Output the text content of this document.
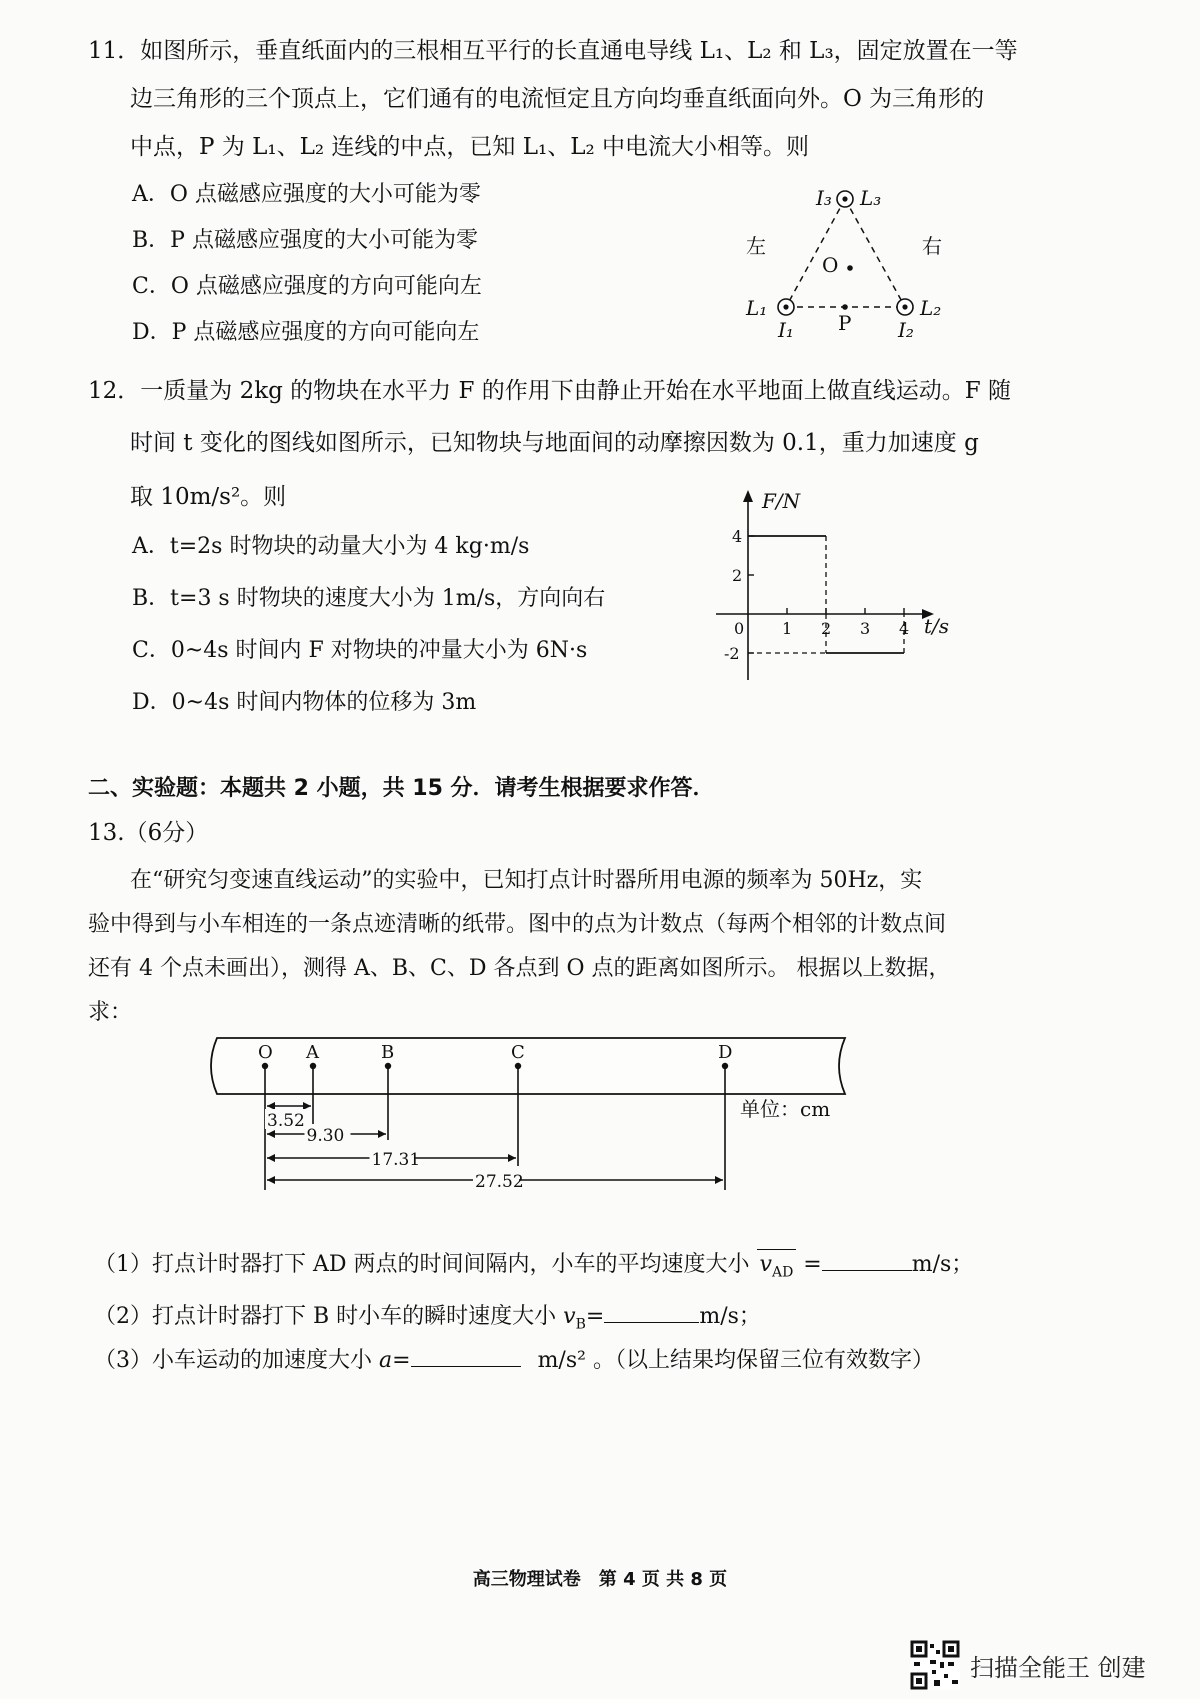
11．如图所示，垂直纸面内的三根相互平行的长直通电导线 L₁、L₂ 和 L₃，固定放置在一等
边三角形的三个顶点上，它们通有的电流恒定且方向均垂直纸面向外。O 为三角形的
中点，P 为 L₁、L₂ 连线的中点，已知 L₁、L₂ 中电流大小相等。则
A．O 点磁感应强度的大小可能为零
B．P 点磁感应强度的大小可能为零
C．O 点磁感应强度的方向可能向左
D．P 点磁感应强度的方向可能向左
I₃ L₃
左	右
O
L₁
I₁ P
L₂
I₂
12．一质量为 2kg 的物块在水平力 F 的作用下由静止开始在水平地面上做直线运动。F 随
时间 t 变化的图线如图所示，已知物块与地面间的动摩擦因数为 0.1，重力加速度 g
取 10m/s²。则
A．t=2s 时物块的动量大小为 4 kg·m/s
B．t=3 s 时物块的速度大小为 1m/s，方向向右
C．0~4s 时间内 F 对物块的冲量大小为 6N·s
D．0~4s 时间内物体的位移为 3m
0 1 2 3 4
4
2
-2
F/N
t/s
二、实验题：本题共 2 小题，共 15 分．请考生根据要求作答．
13.（6分）
在“研究匀变速直线运动”的实验中，已知打点计时器所用电源的频率为 50Hz，实
验中得到与小车相连的一条点迹清晰的纸带。图中的点为计数点（每两个相邻的计数点间
还有 4 个点未画出），测得 A、B、C、D 各点到 O 点的距离如图所示。 根据以上数据，
求：
O A	B	C	D
3.52
9.30
17.31
27.52
单位：cm
（1）打点计时器打下 AD 两点的时间间隔内，小车的平均速度大小 $v_{AD}$ =	m/s；
（2）打点计时器打下 B 时小车的瞬时速度大小 $v_B=$	m/s；
（3）小车运动的加速度大小 a=	m/s² 。（以上结果均保留三位有效数字）
高三物理试卷　第 4 页 共 8 页
扫描全能王 创建
